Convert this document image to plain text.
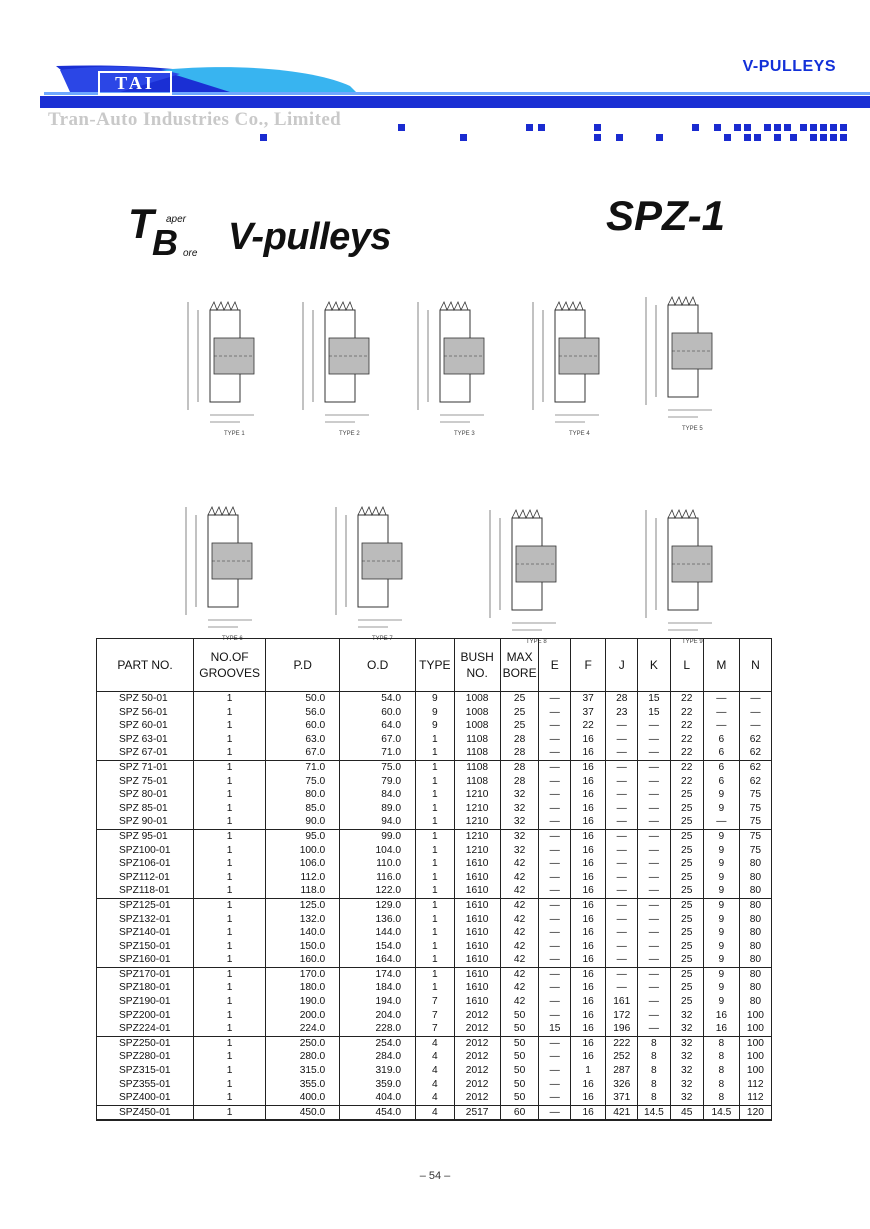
TAI
V-PULLEYS
Tran-Auto Industries Co., Limited
T aper
B ore V-pulleys	SPZ-1
TYPE 1	TYPE 2	TYPE 3	TYPE 4
TYPE 5
TYPE 6	TYPE 7	TYPE 8	TYPE 9
PART NO.	NO.OF GROOVES	P.D	O.D	TYPE	BUSH NO.	MAX BORE	E	F	J	K	L	M	N
SPZ 50-01	1	50.0	54.0	9	1008	25	—	37	28	15	22	—	—
SPZ 56-01	1	56.0	60.0	9	1008	25	—	37	23	15	22	—	—
SPZ 60-01	1	60.0	64.0	9	1008	25	—	22	—	—	22	—	—
SPZ 63-01	1	63.0	67.0	1	1108	28	—	16	—	—	22	6	62
SPZ 67-01	1	67.0	71.0	1	1108	28	—	16	—	—	22	6	62
SPZ 71-01	1	71.0	75.0	1	1108	28	—	16	—	—	22	6	62
SPZ 75-01	1	75.0	79.0	1	1108	28	—	16	—	—	22	6	62
SPZ 80-01	1	80.0	84.0	1	1210	32	—	16	—	—	25	9	75
SPZ 85-01	1	85.0	89.0	1	1210	32	—	16	—	—	25	9	75
SPZ 90-01	1	90.0	94.0	1	1210	32	—	16	—	—	25	—	75
SPZ 95-01	1	95.0	99.0	1	1210	32	—	16	—	—	25	9	75
SPZ100-01	1	100.0	104.0	1	1210	32	—	16	—	—	25	9	75
SPZ106-01	1	106.0	110.0	1	1610	42	—	16	—	—	25	9	80
SPZ112-01	1	112.0	116.0	1	1610	42	—	16	—	—	25	9	80
SPZ118-01	1	118.0	122.0	1	1610	42	—	16	—	—	25	9	80
SPZ125-01	1	125.0	129.0	1	1610	42	—	16	—	—	25	9	80
SPZ132-01	1	132.0	136.0	1	1610	42	—	16	—	—	25	9	80
SPZ140-01	1	140.0	144.0	1	1610	42	—	16	—	—	25	9	80
SPZ150-01	1	150.0	154.0	1	1610	42	—	16	—	—	25	9	80
SPZ160-01	1	160.0	164.0	1	1610	42	—	16	—	—	25	9	80
SPZ170-01	1	170.0	174.0	1	1610	42	—	16	—	—	25	9	80
SPZ180-01	1	180.0	184.0	1	1610	42	—	16	—	—	25	9	80
SPZ190-01	1	190.0	194.0	7	1610	42	—	16	161	—	25	9	80
SPZ200-01	1	200.0	204.0	7	2012	50	—	16	172	—	32	16	100
SPZ224-01	1	224.0	228.0	7	2012	50	15	16	196	—	32	16	100
SPZ250-01	1	250.0	254.0	4	2012	50	—	16	222	8	32	8	100
SPZ280-01	1	280.0	284.0	4	2012	50	—	16	252	8	32	8	100
SPZ315-01	1	315.0	319.0	4	2012	50	—	1	287	8	32	8	100
SPZ355-01	1	355.0	359.0	4	2012	50	—	16	326	8	32	8	112
SPZ400-01	1	400.0	404.0	4	2012	50	—	16	371	8	32	8	112
SPZ450-01	1	450.0	454.0	4	2517	60	—	16	421	14.5	45	14.5	120
– 54 –
